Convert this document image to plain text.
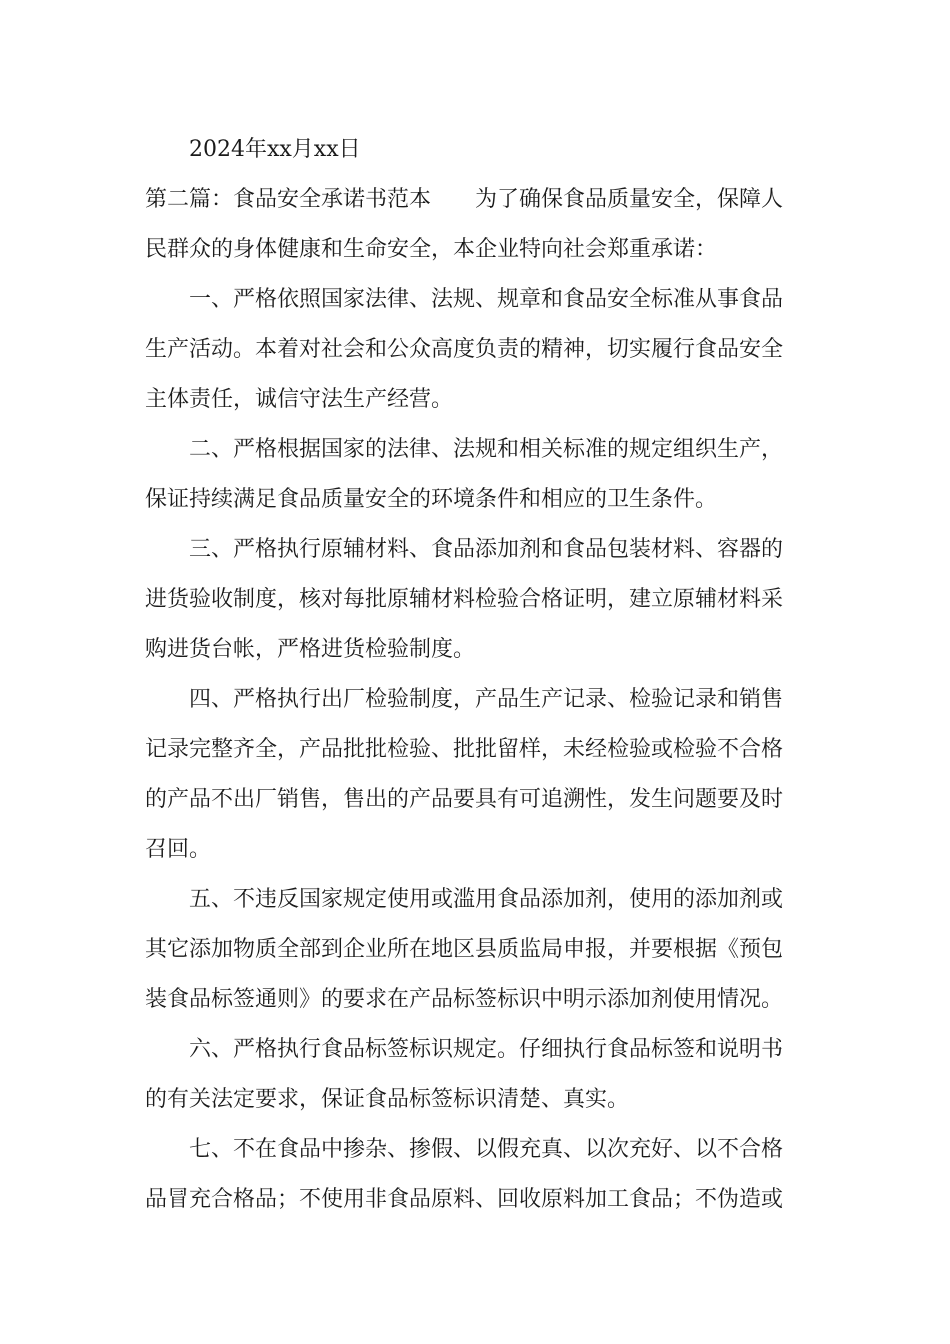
2024年xx月xx日
第二篇：食品安全承诺书范本 为了确保食品质量安全，保障人
民群众的身体健康和生命安全，本企业特向社会郑重承诺：
一、严格依照国家法律、法规、规章和食品安全标准从事食品
生产活动。本着对社会和公众高度负责的精神，切实履行食品安全
主体责任，诚信守法生产经营。
二、严格根据国家的法律、法规和相关标准的规定组织生产，
保证持续满足食品质量安全的环境条件和相应的卫生条件。
三、严格执行原辅材料、食品添加剂和食品包装材料、容器的
进货验收制度，核对每批原辅材料检验合格证明，建立原辅材料采
购进货台帐，严格进货检验制度。
四、严格执行出厂检验制度，产品生产记录、检验记录和销售
记录完整齐全，产品批批检验、批批留样，未经检验或检验不合格
的产品不出厂销售，售出的产品要具有可追溯性，发生问题要及时
召回。
五、不违反国家规定使用或滥用食品添加剂，使用的添加剂或
其它添加物质全部到企业所在地区县质监局申报，并要根据《预包
装食品标签通则》的要求在产品标签标识中明示添加剂使用情况。
六、严格执行食品标签标识规定。仔细执行食品标签和说明书
的有关法定要求，保证食品标签标识清楚、真实。
七、不在食品中掺杂、掺假、以假充真、以次充好、以不合格
品冒充合格品；不使用非食品原料、回收原料加工食品；不伪造或
